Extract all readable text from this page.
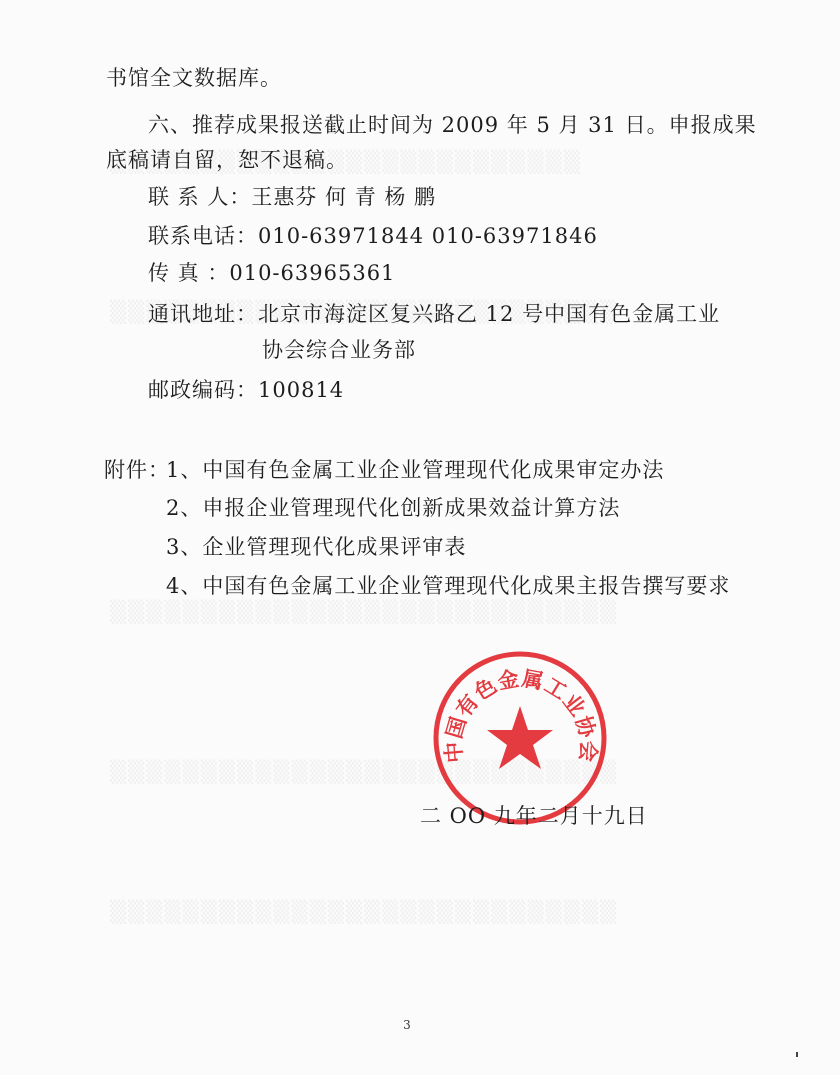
书馆全文数据库。
六、推荐成果报送截止时间为 2009 年 5 月 31 日。申报成果
底稿请自留，恕不退稿。
联 系 人：王惠芬 何 青 杨 鹏
联系电话：010-63971844 010-63971846
传 真 ：010-63965361
通讯地址：北京市海淀区复兴路乙 12 号中国有色金属工业
协会综合业务部
邮政编码：100814
附件：
1、中国有色金属工业企业管理现代化成果审定办法
2、申报企业管理现代化创新成果效益计算方法
3、企业管理现代化成果评审表
4、中国有色金属工业企业管理现代化成果主报告撰写要求
中国有色金属工业协会
二 OO 九年二月十九日
3
